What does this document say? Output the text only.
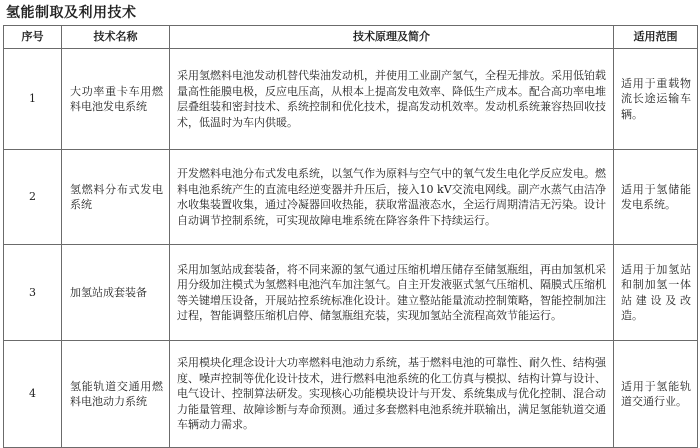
氢能制取及利用技术
序号	技术名称	技术原理及简介	适用范围
1	大功率重卡车用燃料电池发电系统	采用氢燃料电池发动机替代柴油发动机，并使用工业副产氢气，全程无排放。采用低铂载量高性能膜电极，反应电压高，从根本上提高发电效率、降低生产成本。配合高功率电堆层叠组装和密封技术、系统控制和优化技术，提高发动机效率。发动机系统兼容热回收技术，低温时为车内供暖。	适用于重载物流长途运输车辆。
2	氢燃料分布式发电系统	开发燃料电池分布式发电系统，以氢气作为原料与空气中的氧气发生电化学反应发电。燃料电池系统产生的直流电经逆变器并升压后，接入10 kV交流电网线。副产水蒸气由洁净水收集装置收集，通过冷凝器回收热能，获取常温液态水，全运行周期清洁无污染。设计自动调节控制系统，可实现故障电堆系统在降容条件下持续运行。	适用于氢储能发电系统。
3	加氢站成套装备	采用加氢站成套装备，将不同来源的氢气通过压缩机增压储存至储氢瓶组，再由加氢机采用分级加注模式为氢燃料电池汽车加注氢气。自主开发液驱式氢气压缩机、隔膜式压缩机等关键增压设备，开展站控系统标准化设计。建立整站能量流动控制策略，智能控制加注过程，智能调整压缩机启停、储氢瓶组充装，实现加氢站全流程高效节能运行。	适用于加氢站和制加氢一体站建设及改造。
4	氢能轨道交通用燃料电池动力系统	采用模块化理念设计大功率燃料电池动力系统，基于燃料电池的可靠性、耐久性、结构强度、噪声控制等优化设计技术，进行燃料电池系统的化工仿真与模拟、结构计算与设计、电气设计、控制算法研发。实现核心功能模块设计与开发、系统集成与优化控制、混合动力能量管理、故障诊断与寿命预测。通过多套燃料电池系统并联输出，满足氢能轨道交通车辆动力需求。	适用于氢能轨道交通行业。
